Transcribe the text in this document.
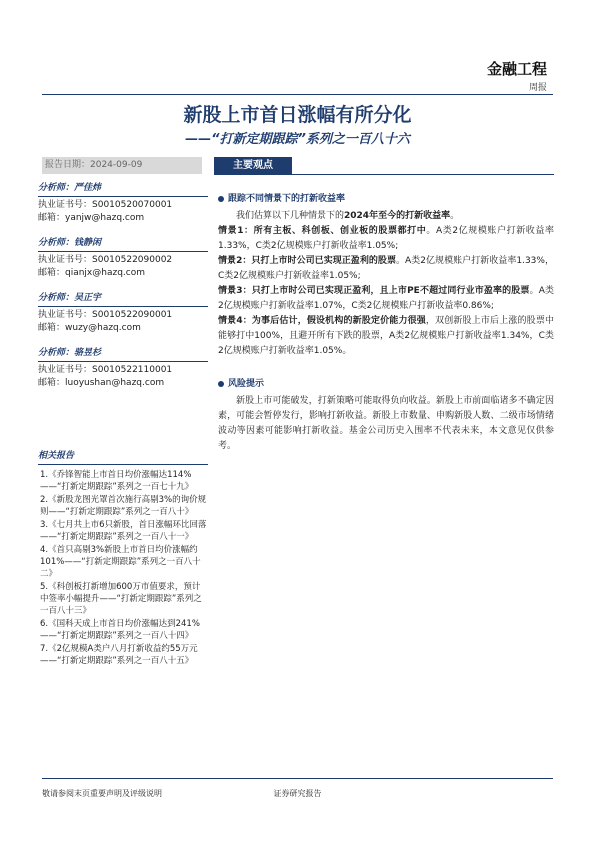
金融工程
周报
新股上市首日涨幅有所分化
——“打新定期跟踪”系列之一百八十六
报告日期：2024-09-09	主要观点
分析师：严佳炜
执业证书号：S0010520070001
邮箱：yanjw@hazq.com
分析师：钱静闲
执业证书号：S0010522090002
邮箱：qianjx@hazq.com
分析师：吴正宇
执业证书号：S0010522090001
邮箱：wuzy@hazq.com
分析师：骆昱杉
执业证书号：S0010522110001
邮箱：luoyushan@hazq.com
相关报告
1.《乔锋智能上市首日均价涨幅达114%——“打新定期跟踪”系列之一百七十九》
2.《新股龙图光罩首次施行高剔3%的询价规则——“打新定期跟踪”系列之一百八十》
3.《七月共上市6只新股，首日涨幅环比回落——“打新定期跟踪”系列之一百八十一》
4.《首只高剔3%新股上市首日均价涨幅约101%——“打新定期跟踪”系列之一百八十二》
5.《科创板打新增加600万市值要求，预计中签率小幅提升——“打新定期跟踪”系列之一百八十三》
6.《国科天成上市首日均价涨幅达到241%——“打新定期跟踪”系列之一百八十四》
7.《2亿规模A类户八月打新收益约55万元——“打新定期跟踪”系列之一百八十五》
跟踪不同情景下的打新收益率
我们估算以下几种情景下的2024年至今的打新收益率。
情景1：所有主板、科创板、创业板的股票都打中。A类2亿规模账户打新收益率1.33%，C类2亿规模账户打新收益率1.05%;
情景2：只打上市时公司已实现正盈利的股票。A类2亿规模账户打新收益率1.33%，C类2亿规模账户打新收益率1.05%;
情景3：只打上市时公司已实现正盈利，且上市PE不超过同行业市盈率的股票。A类2亿规模账户打新收益率1.07%，C类2亿规模账户打新收益率0.86%;
情景4：为事后估计，假设机构的新股定价能力很强，双创新股上市后上涨的股票中能够打中100%，且避开所有下跌的股票，A类2亿规模账户打新收益率1.34%，C类2亿规模账户打新收益率1.05%。
风险提示
新股上市可能破发，打新策略可能取得负向收益。新股上市前面临诸多不确定因素，可能会暂停发行，影响打新收益。新股上市数量、申购新股人数、二级市场情绪波动等因素可能影响打新收益。基金公司历史入围率不代表未来，本文意见仅供参考。
敬请参阅末页重要声明及评级说明	证券研究报告
